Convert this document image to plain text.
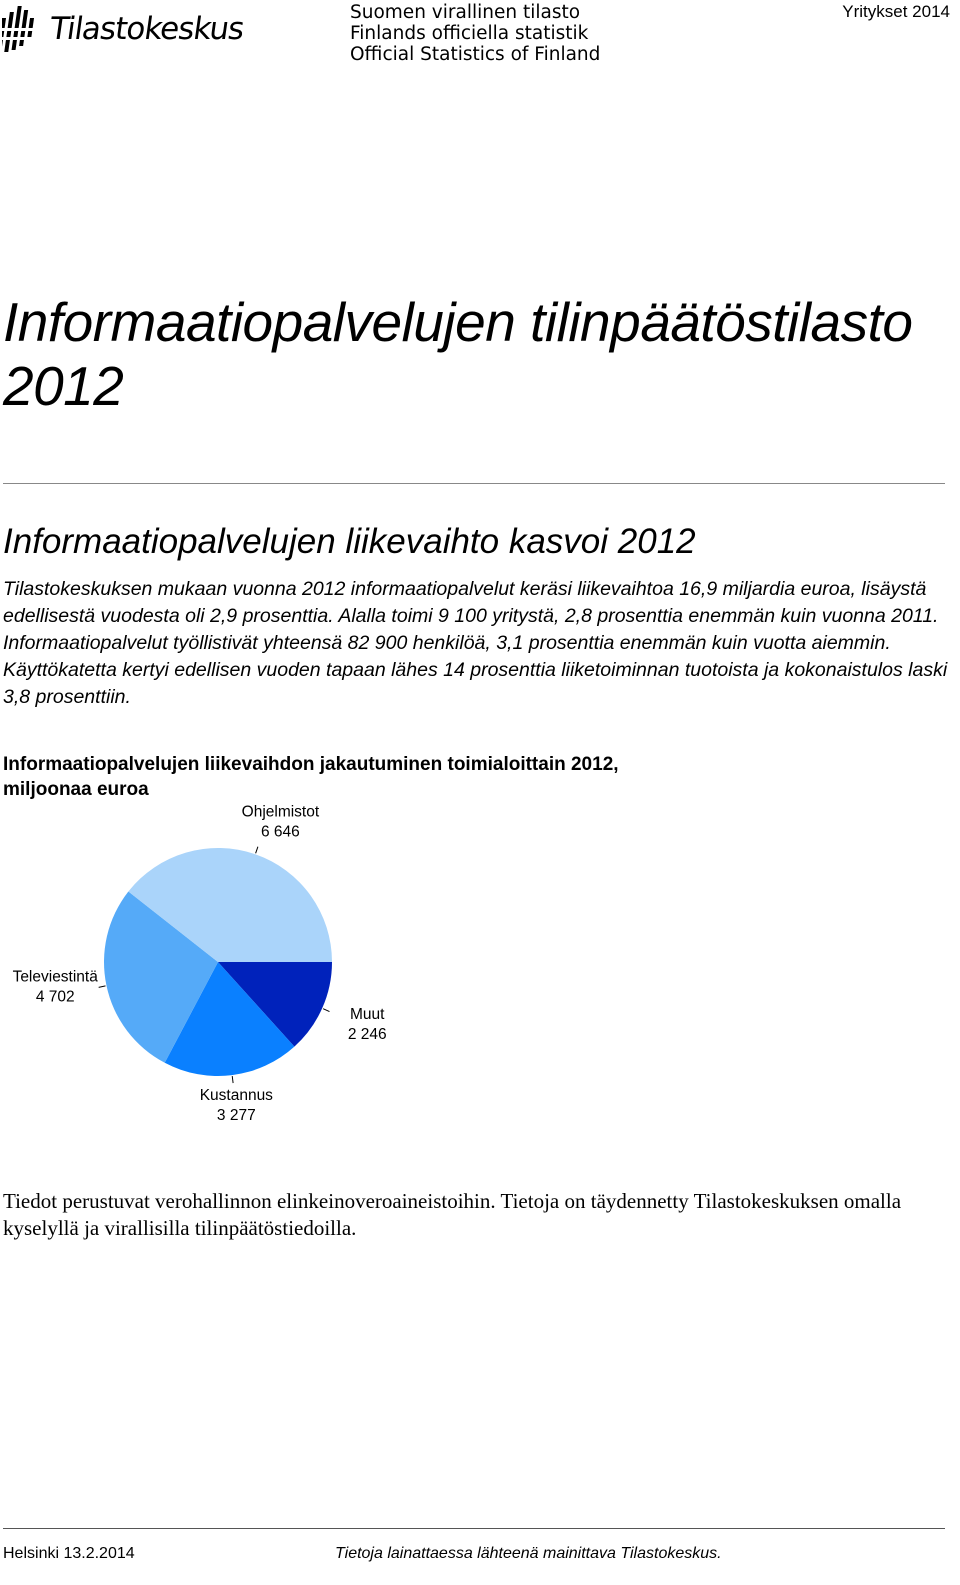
Tilastokeskus	Suomen virallinen tilasto
Finlands officiella statistik
Official Statistics of Finland
Yritykset 2014
Informaatiopalvelujen tilinpäätöstilasto 2012
Informaatiopalvelujen liikevaihto kasvoi 2012
Tilastokeskuksen mukaan vuonna 2012 informaatiopalvelut keräsi liikevaihtoa 16,9 miljardia euroa, lisäystä edellisestä vuodesta oli 2,9 prosenttia. Alalla toimi 9 100 yritystä, 2,8 prosenttia enemmän kuin vuonna 2011. Informaatiopalvelut työllistivät yhteensä 82 900 henkilöä, 3,1 prosenttia enemmän kuin vuotta aiemmin. Käyttökatetta kertyi edellisen vuoden tapaan lähes 14 prosenttia liiketoiminnan tuotoista ja kokonaistulos laski 3,8 prosenttiin.
Informaatiopalvelujen liikevaihdon jakautuminen toimialoittain 2012, miljoonaa euroa
Muut
2 246
Kustannus
3 277
Televiestintä
4 702
Ohjelmistot
6 646
Tiedot perustuvat verohallinnon elinkeinoveroaineistoihin. Tietoja on täydennetty Tilastokeskuksen omalla kyselyllä ja virallisilla tilinpäätöstiedoilla.
Helsinki 13.2.2014	Tietoja lainattaessa lähteenä mainittava Tilastokeskus.
